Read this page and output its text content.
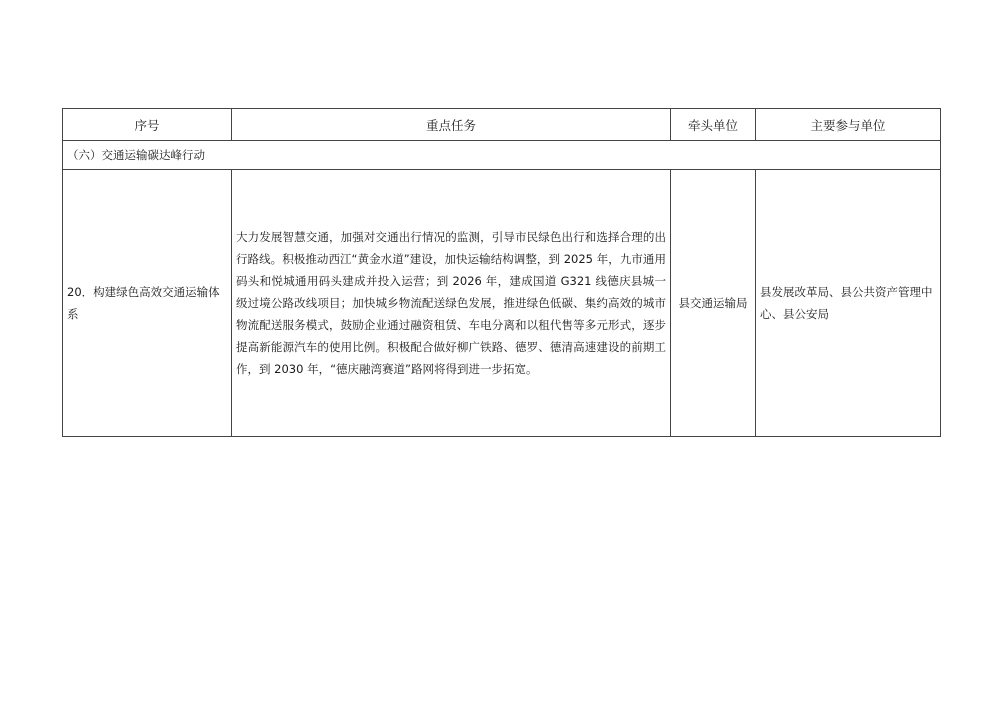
序号	重点任务	牵头单位	主要参与单位
（六）交通运输碳达峰行动			
20．构建绿色高效交通运输体系	大力发展智慧交通，加强对交通出行情况的监测，引导市民绿色出行和选择合理的出行路线。积极推动西江“黄金水道”建设，加快运输结构调整，到 2025 年，九市通用码头和悦城通用码头建成并投入运营；到 2026 年，建成国道 G321 线德庆县城一级过境公路改线项目；加快城乡物流配送绿色发展，推进绿色低碳、集约高效的城市物流配送服务模式，鼓励企业通过融资租赁、车电分离和以租代售等多元形式，逐步提高新能源汽车的使用比例。积极配合做好柳广铁路、德罗、德清高速建设的前期工作，到 2030 年，“德庆融湾赛道”路网将得到进一步拓宽。	县交通运输局	县发展改革局、县公共资产管理中心、县公安局
